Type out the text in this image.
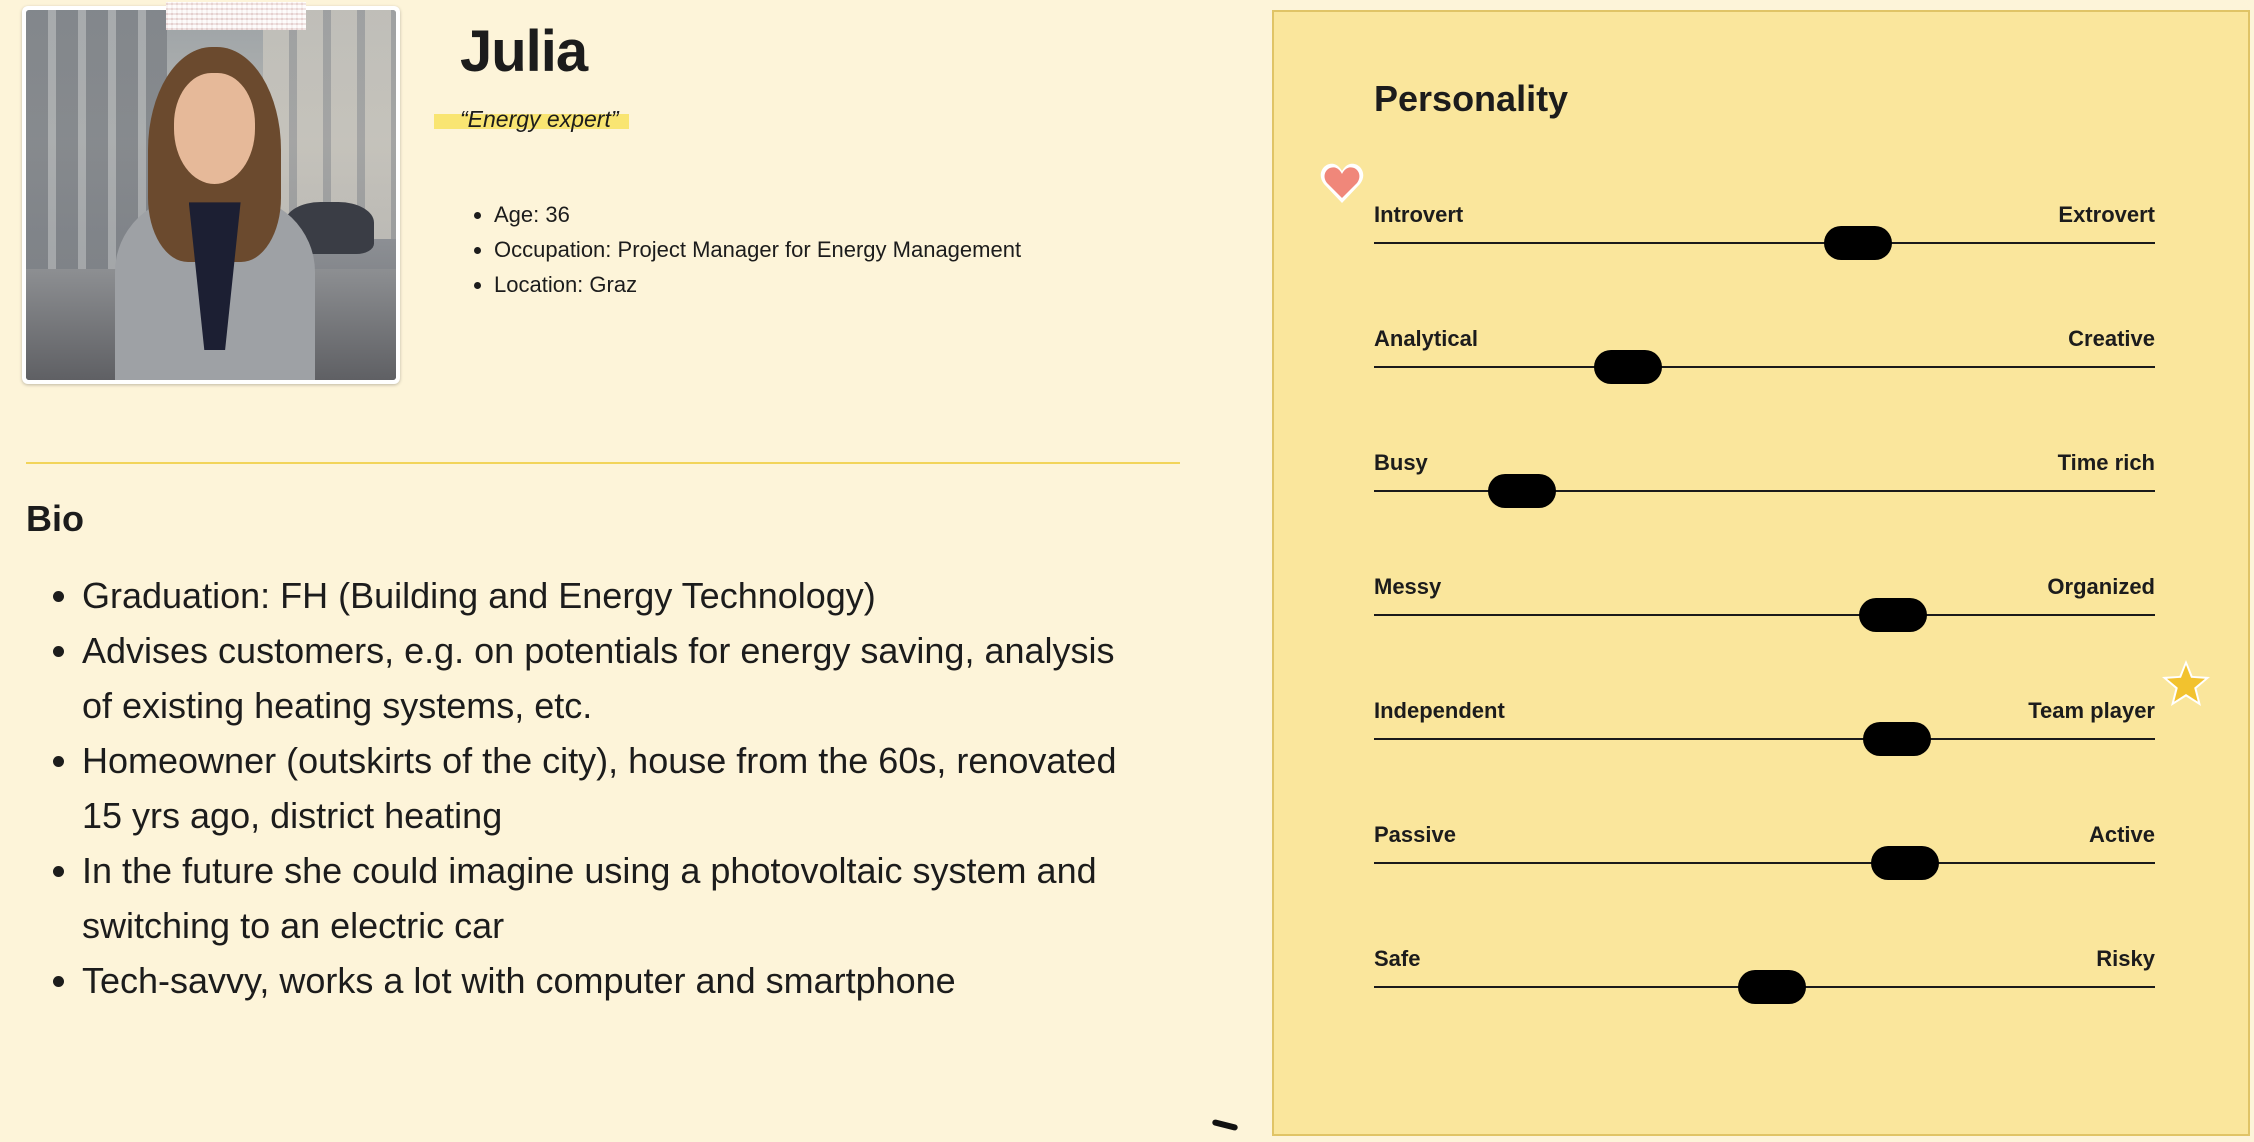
Julia
“Energy expert”
• Age: 36
• Occupation: Project Manager for Energy Management
• Location: Graz
Bio
• Graduation: FH (Building and Energy Technology)
• Advises customers, e.g. on potentials for energy saving, analysis of existing heating systems, etc.
• Homeowner (outskirts of the city), house from the 60s, renovated 15 yrs ago, district heating
• In the future she could imagine using a photovoltaic system and switching to an electric car
• Tech-savvy, works a lot with computer and smartphone
Personality
Introvert	Extrovert
Analytical	Creative
Busy	Time rich
Messy	Organized
Independent	Team player
Passive	Active
Safe	Risky
